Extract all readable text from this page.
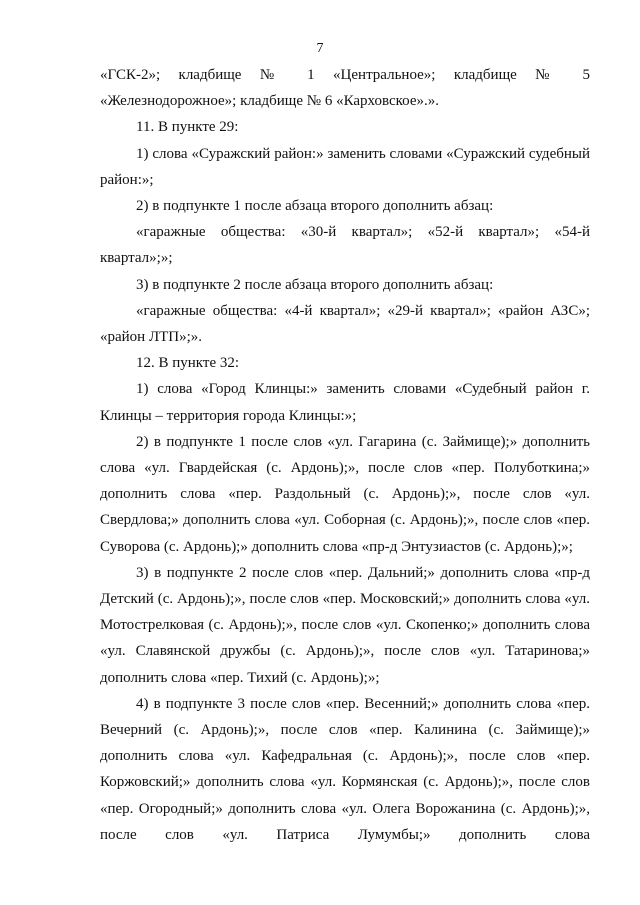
7

«ГСК-2»; кладбище № 1 «Центральное»; кладбище № 5 «Железнодорожное»; кладбище № 6 «Карховское».».

11. В пункте 29:

1) слова «Суражский район:» заменить словами «Суражский судебный район:»;

2) в подпункте 1 после абзаца второго дополнить абзац:

«гаражные общества: «30-й квартал»; «52-й квартал»; «54-й квартал»;»;

3) в подпункте 2 после абзаца второго дополнить абзац:

«гаражные общества: «4-й квартал»; «29-й квартал»; «район АЗС»; «район ЛТП»;».

12. В пункте 32:

1) слова «Город Клинцы:» заменить словами «Судебный район г. Клинцы – территория города Клинцы:»;

2) в подпункте 1 после слов «ул. Гагарина (с. Займище);» дополнить слова «ул. Гвардейская (с. Ардонь);», после слов «пер. Полуботкина;» дополнить слова «пер. Раздольный (с. Ардонь);», после слов «ул. Свердлова;» дополнить слова «ул. Соборная (с. Ардонь);», после слов «пер. Суворова (с. Ардонь);» дополнить слова «пр-д Энтузиастов (с. Ардонь);»;

3) в подпункте 2 после слов «пер. Дальний;» дополнить слова «пр-д Детский (с. Ардонь);», после слов «пер. Московский;» дополнить слова «ул. Мотострелковая (с. Ардонь);», после слов «ул. Скопенко;» дополнить слова «ул. Славянской дружбы (с. Ардонь);», после слов «ул. Татаринова;» дополнить слова «пер. Тихий (с. Ардонь);»;

4) в подпункте 3 после слов «пер. Весенний;» дополнить слова «пер. Вечерний (с. Ардонь);», после слов «пер. Калинина (с. Займище);» дополнить слова «ул. Кафедральная (с. Ардонь);», после слов «пер. Коржовский;» дополнить слова «ул. Кормянская (с. Ардонь);», после слов «пер. Огородный;» дополнить слова «ул. Олега Ворожанина (с. Ардонь);», после слов «ул. Патриса Лумумбы;» дополнить слова
